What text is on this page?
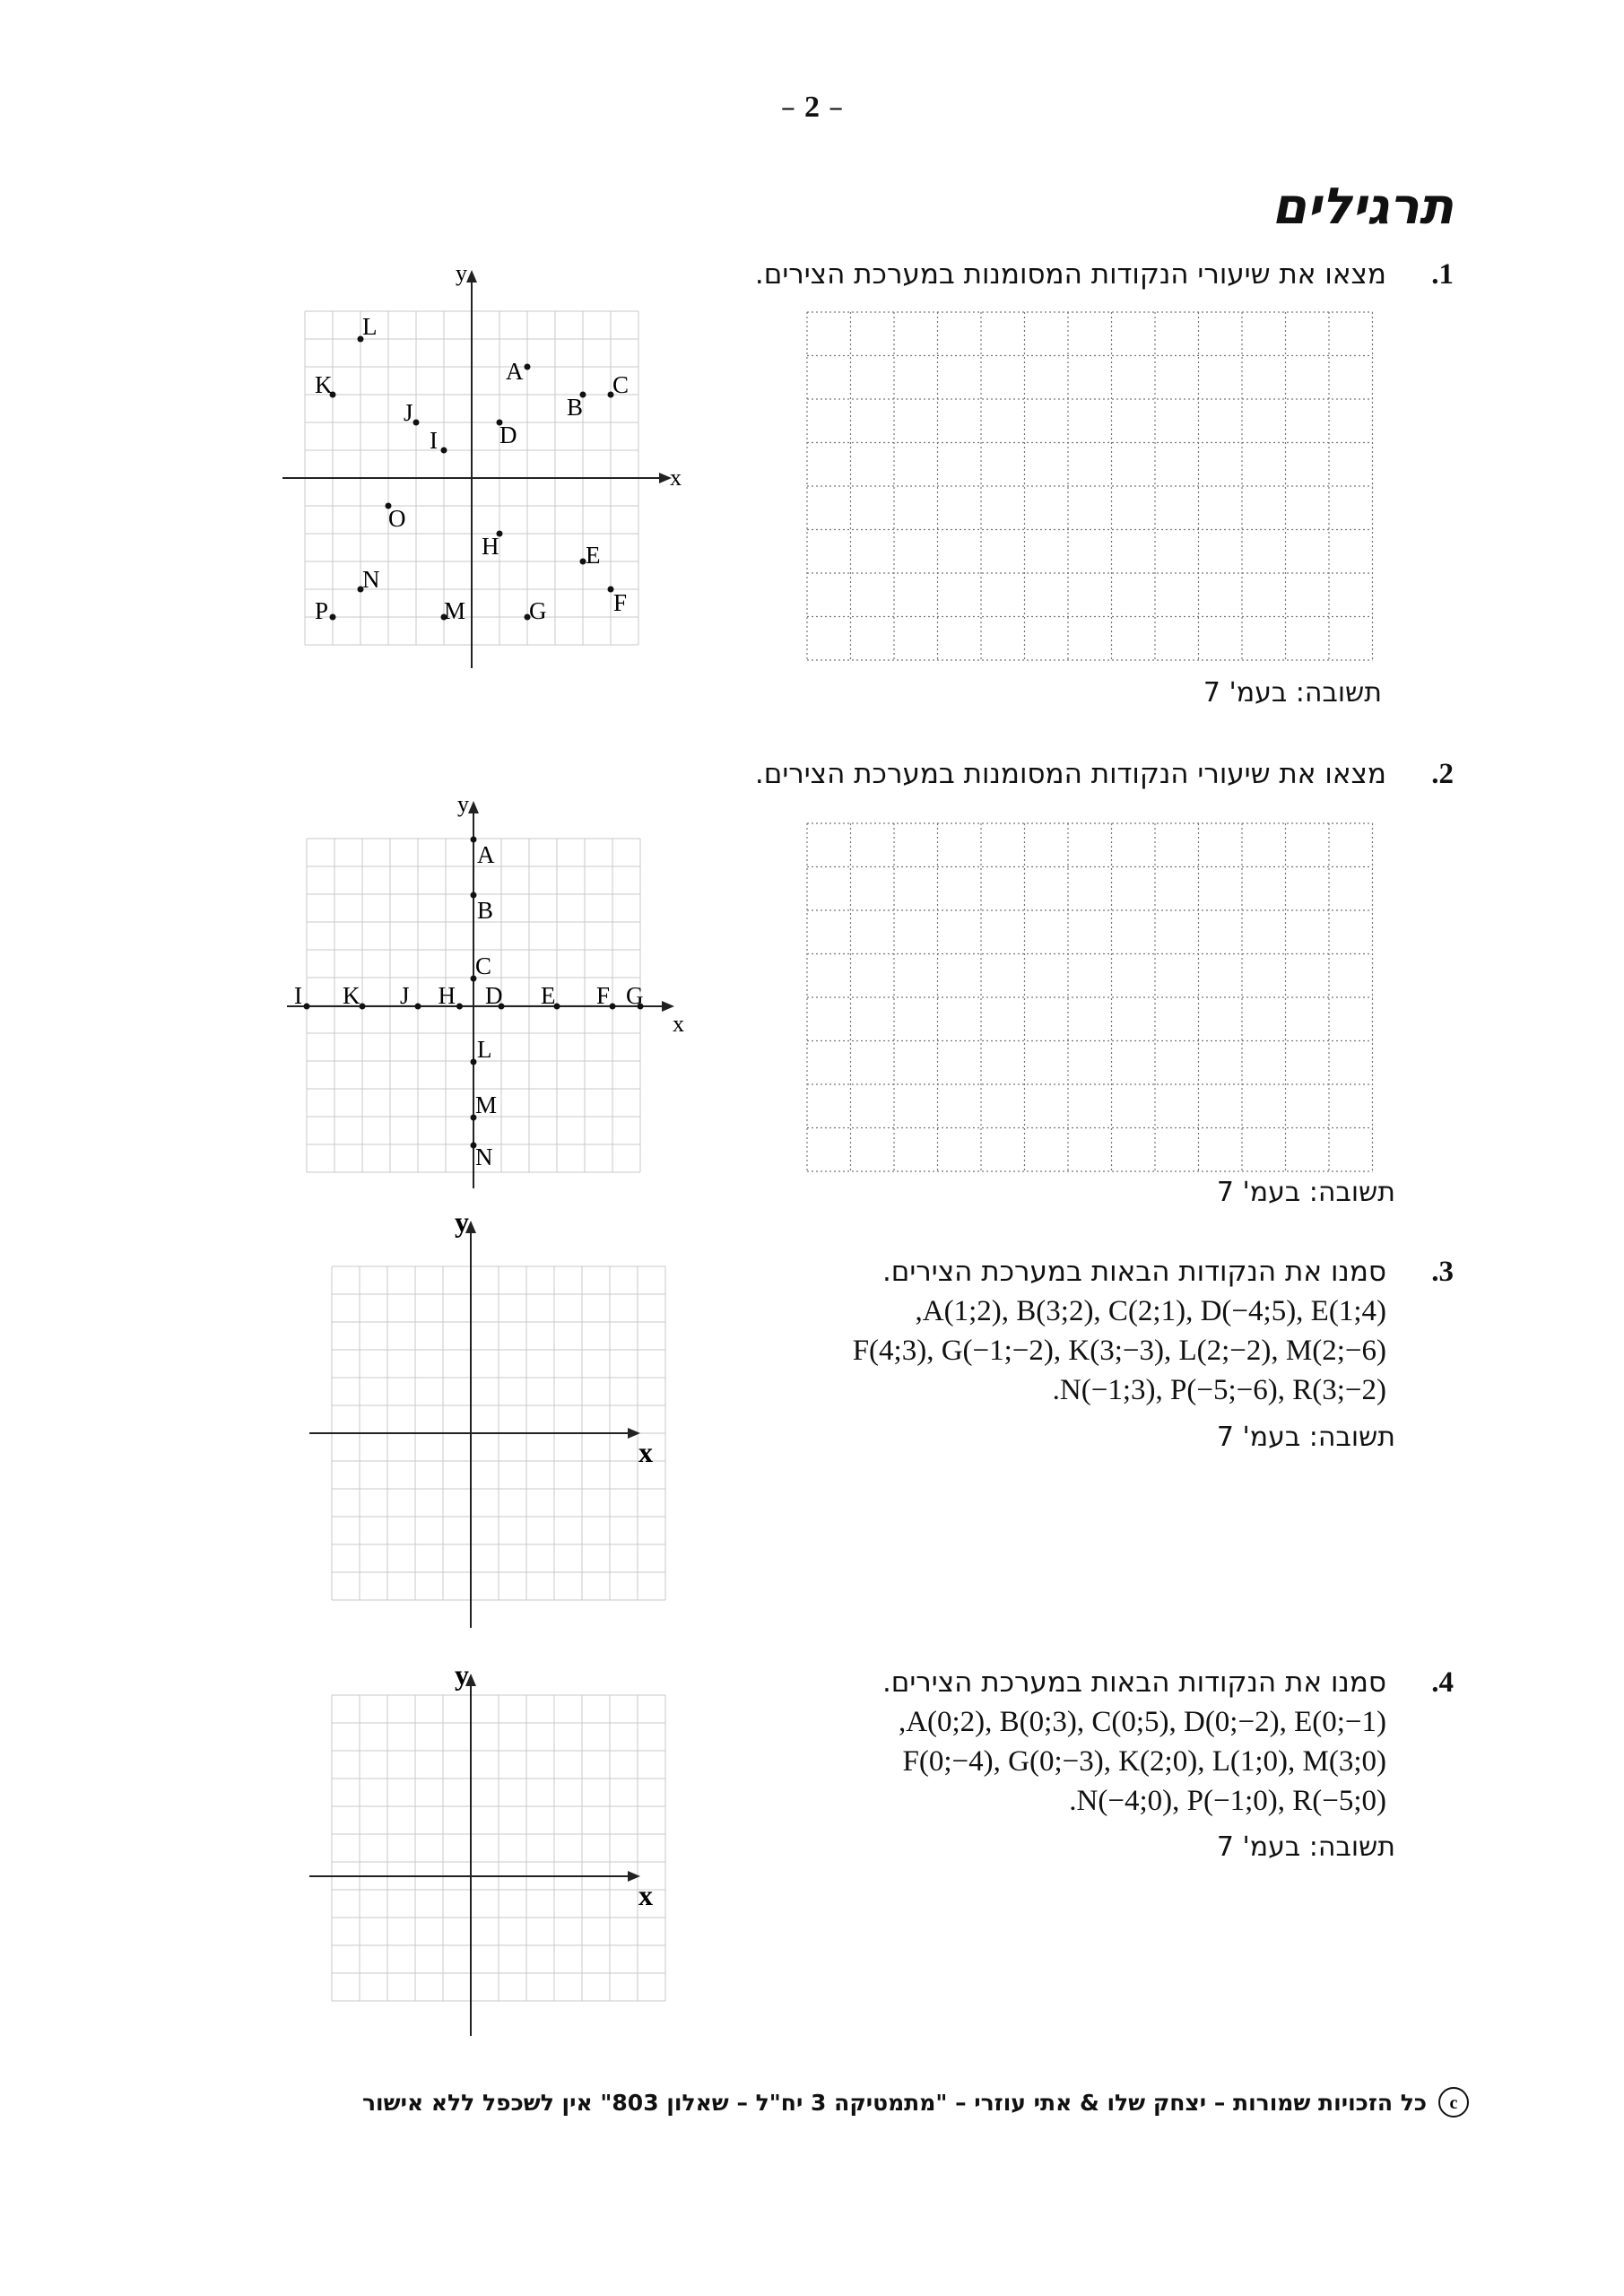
– 2 –
תרגילים
1.
מצאו את שיעורי הנקודות המסומנות במערכת הצירים.
תשובה: בעמ' 7
x
y
L
K	A	C
J	B
I	D
O
H	E
N
P	M	G	F
2.
מצאו את שיעורי הנקודות המסומנות במערכת הצירים.
תשובה: בעמ' 7
x
y
A
B
C
I K J H D E F G
L
M
N
3.
סמנו את הנקודות הבאות במערכת הצירים.
A(1;2), B(3;2), C(2;1), D(−4;5), E(1;4),
F(4;3), G(−1;−2), K(3;−3), L(2;−2), M(2;−6)
N(−1;3), P(−5;−6), R(3;−2).
תשובה: בעמ' 7
x
y
4.
סמנו את הנקודות הבאות במערכת הצירים.
A(0;2), B(0;3), C(0;5), D(0;−2), E(0;−1),
F(0;−4), G(0;−3), K(2;0), L(1;0), M(3;0)
N(−4;0), P(−1;0), R(−5;0).
תשובה: בעמ' 7
x
y
c
כל הזכויות שמורות – יצחק שלו & אתי עוזרי – "מתמטיקה 3 יח"ל – שאלון 803" אין לשכפל ללא אישור
